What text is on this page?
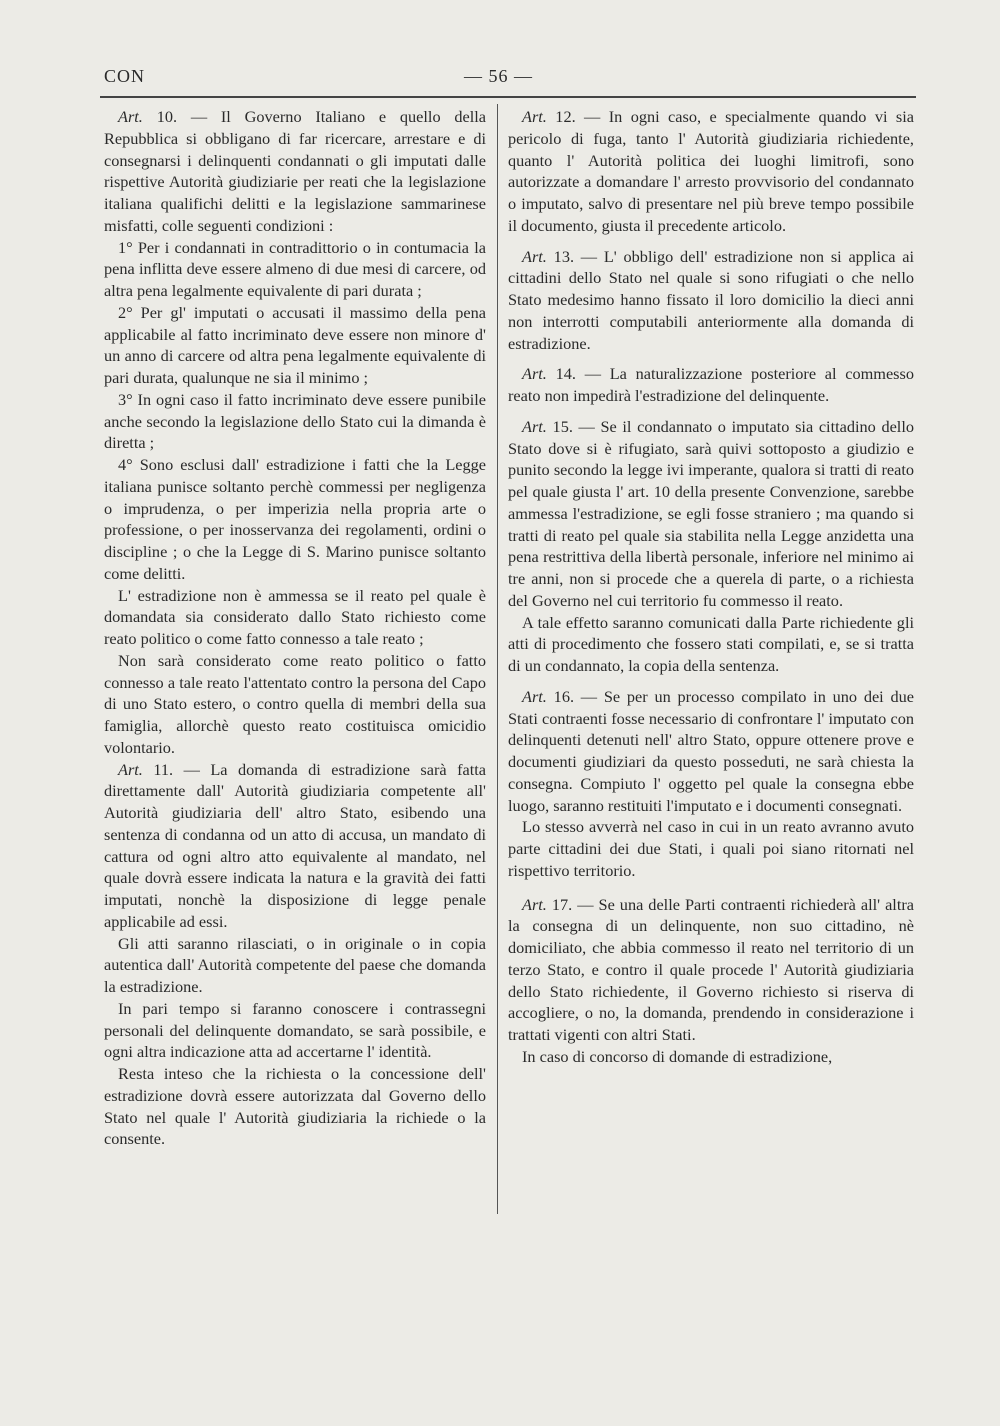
CON	— 56 —

Art. 10. — Il Governo Italiano e quello della Repubblica si obbligano di far ricercare, arrestare e di consegnarsi i delinquenti condannati o gli imputati dalle rispettive Autorità giudiziarie per reati che la legislazione italiana qualifichi delitti e la legislazione sammarinese misfatti, colle seguenti condizioni :

1° Per i condannati in contradittorio o in contumacia la pena inflitta deve essere almeno di due mesi di carcere, od altra pena legalmente equivalente di pari durata ;

2° Per gl' imputati o accusati il massimo della pena applicabile al fatto incriminato deve essere non minore d' un anno di carcere od altra pena legalmente equivalente di pari durata, qualunque ne sia il minimo ;

3° In ogni caso il fatto incriminato deve essere punibile anche secondo la legislazione dello Stato cui la dimanda è diretta ;

4° Sono esclusi dall' estradizione i fatti che la Legge italiana punisce soltanto perchè commessi per negligenza o imprudenza, o per imperizia nella propria arte o professione, o per inosservanza dei regolamenti, ordini o discipline ; o che la Legge di S. Marino punisce soltanto come delitti.

L' estradizione non è ammessa se il reato pel quale è domandata sia considerato dallo Stato richiesto come reato politico o come fatto connesso a tale reato ;

Non sarà considerato come reato politico o fatto connesso a tale reato l'attentato contro la persona del Capo di uno Stato estero, o contro quella di membri della sua famiglia, allorchè questo reato costituisca omicidio volontario.

Art. 11. — La domanda di estradizione sarà fatta direttamente dall' Autorità giudiziaria competente all' Autorità giudiziaria dell' altro Stato, esibendo una sentenza di condanna od un atto di accusa, un mandato di cattura od ogni altro atto equivalente al mandato, nel quale dovrà essere indicata la natura e la gravità dei fatti imputati, nonchè la disposizione di legge penale applicabile ad essi.

Gli atti saranno rilasciati, o in originale o in copia autentica dall' Autorità competente del paese che domanda la estradizione.

In pari tempo si faranno conoscere i contrassegni personali del delinquente domandato, se sarà possibile, e ogni altra indicazione atta ad accertarne l' identità.

Resta inteso che la richiesta o la concessione dell' estradizione dovrà essere autorizzata dal Governo dello Stato nel quale l' Autorità giudiziaria la richiede o la consente.

Art. 12. — In ogni caso, e specialmente quando vi sia pericolo di fuga, tanto l' Autorità giudiziaria richiedente, quanto l' Autorità politica dei luoghi limitrofi, sono autorizzate a domandare l' arresto provvisorio del condannato o imputato, salvo di presentare nel più breve tempo possibile il documento, giusta il precedente articolo.

Art. 13. — L' obbligo dell' estradizione non si applica ai cittadini dello Stato nel quale si sono rifugiati o che nello Stato medesimo hanno fissato il loro domicilio la dieci anni non interrotti computabili anteriormente alla domanda di estradizione.

Art. 14. — La naturalizzazione posteriore al commesso reato non impedirà l'estradizione del delinquente.

Art. 15. — Se il condannato o imputato sia cittadino dello Stato dove si è rifugiato, sarà quivi sottoposto a giudizio e punito secondo la legge ivi imperante, qualora si tratti di reato pel quale giusta l' art. 10 della presente Convenzione, sarebbe ammessa l'estradizione, se egli fosse straniero ; ma quando si tratti di reato pel quale sia stabilita nella Legge anzidetta una pena restrittiva della libertà personale, inferiore nel minimo ai tre anni, non si procede che a querela di parte, o a richiesta del Governo nel cui territorio fu commesso il reato.

A tale effetto saranno comunicati dalla Parte richiedente gli atti di procedimento che fossero stati compilati, e, se si tratta di un condannato, la copia della sentenza.

Art. 16. — Se per un processo compilato in uno dei due Stati contraenti fosse necessario di confrontare l' imputato con delinquenti detenuti nell' altro Stato, oppure ottenere prove e documenti giudiziari da questo posseduti, ne sarà chiesta la consegna. Compiuto l' oggetto pel quale la consegna ebbe luogo, saranno restituiti l'imputato e i documenti consegnati.

Lo stesso avverrà nel caso in cui in un reato avranno avuto parte cittadini dei due Stati, i quali poi siano ritornati nel rispettivo territorio.

Art. 17. — Se una delle Parti contraenti richiederà all' altra la consegna di un delinquente, non suo cittadino, nè domiciliato, che abbia commesso il reato nel territorio di un terzo Stato, e contro il quale procede l' Autorità giudiziaria dello Stato richiedente, il Governo richiesto si riserva di accogliere, o no, la domanda, prendendo in considerazione i trattati vigenti con altri Stati.

In caso di concorso di domande di estradizione,
